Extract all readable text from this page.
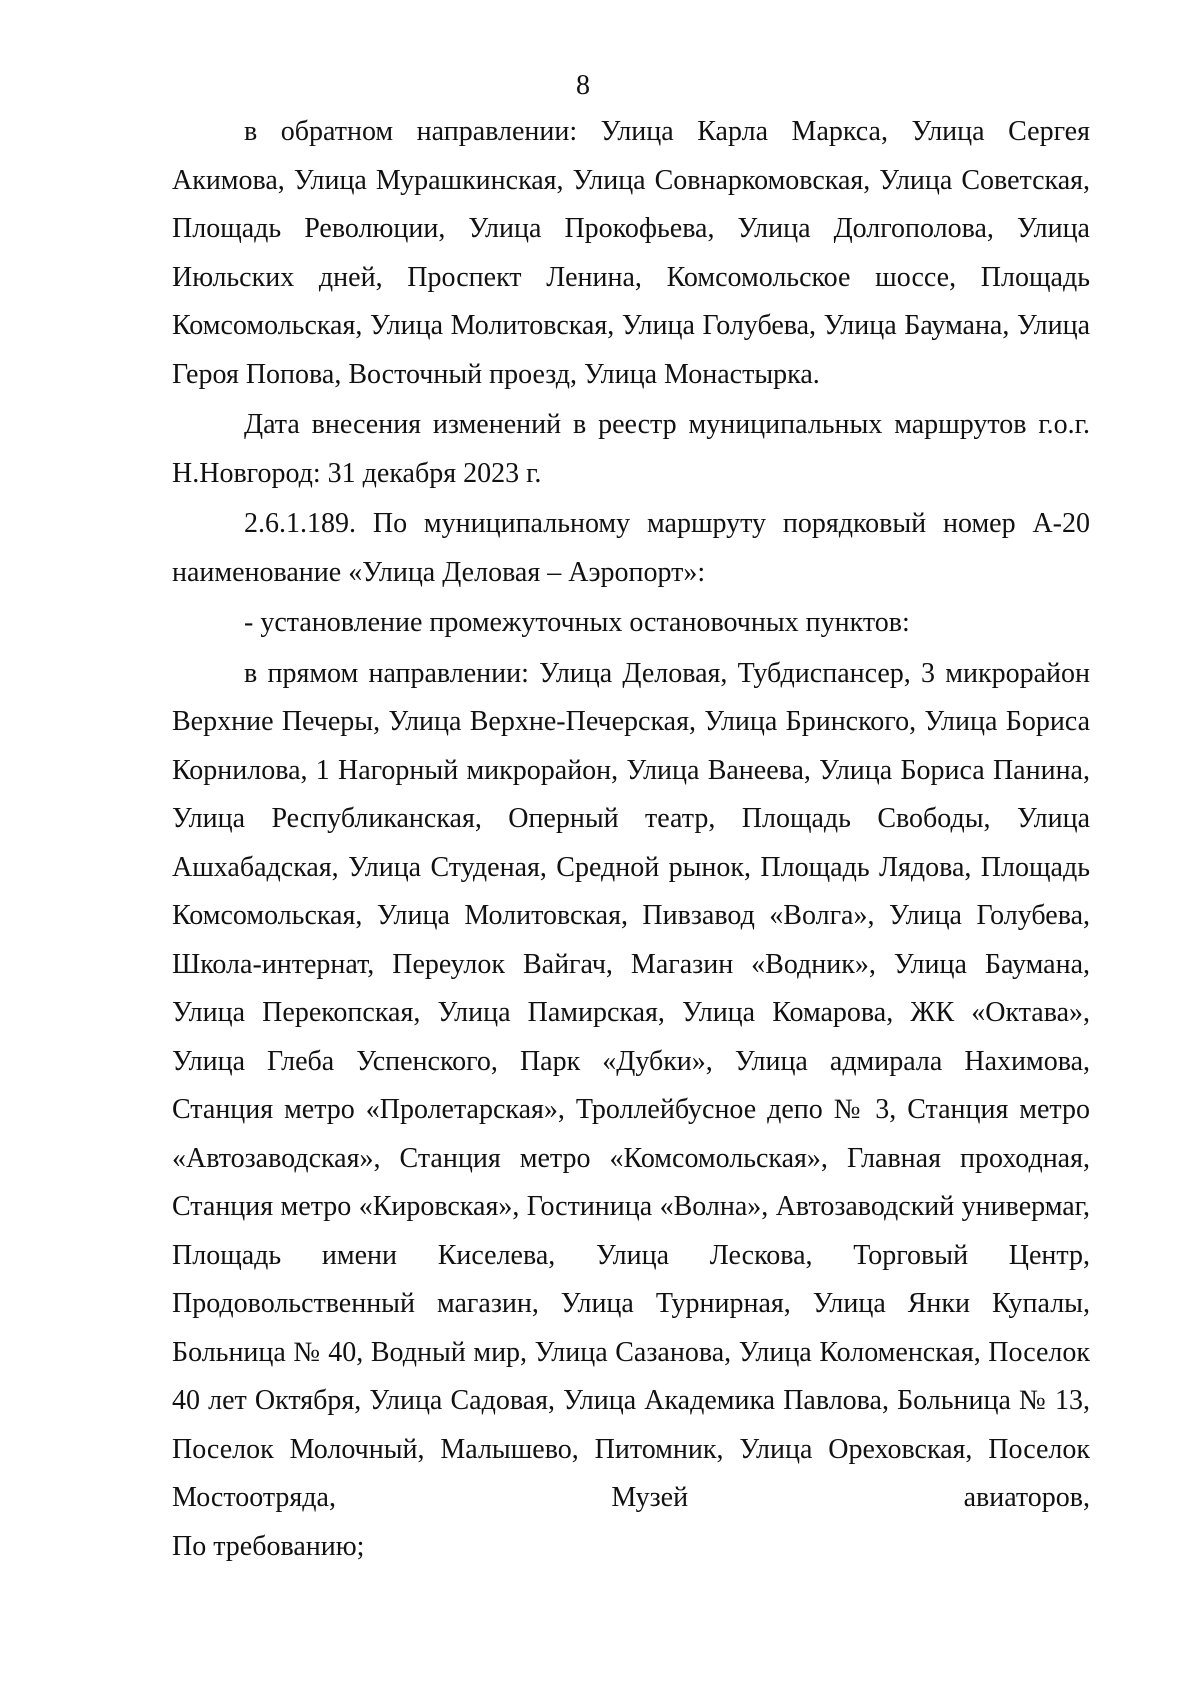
8

в обратном направлении: Улица Карла Маркса, Улица Сергея Акимова, Улица Мурашкинская, Улица Совнаркомовская, Улица Советская, Площадь Революции, Улица Прокофьева, Улица Долгополова, Улица Июльских дней, Проспект Ленина, Комсомольское шоссе, Площадь Комсомольская, Улица Молитовская, Улица Голубева, Улица Баумана, Улица Героя Попова, Восточный проезд, Улица Монастырка.

Дата внесения изменений в реестр муниципальных маршрутов г.о.г. Н.Новгород: 31 декабря 2023 г.

2.6.1.189. По муниципальному маршруту порядковый номер А-20 наименование «Улица Деловая – Аэропорт»:

- установление промежуточных остановочных пунктов:

в прямом направлении: Улица Деловая, Тубдиспансер, 3 микрорайон Верхние Печеры, Улица Верхне-Печерская, Улица Бринского, Улица Бориса Корнилова, 1 Нагорный микрорайон, Улица Ванеева, Улица Бориса Панина, Улица Республиканская, Оперный театр, Площадь Свободы, Улица Ашхабадская, Улица Студеная, Средной рынок, Площадь Лядова, Площадь Комсомольская, Улица Молитовская, Пивзавод «Волга», Улица Голубева, Школа-интернат, Переулок Вайгач, Магазин «Водник», Улица Баумана, Улица Перекопская, Улица Памирская, Улица Комарова, ЖК «Октава», Улица Глеба Успенского, Парк «Дубки», Улица адмирала Нахимова, Станция метро «Пролетарская», Троллейбусное депо № 3, Станция метро «Автозаводская», Станция метро «Комсомольская», Главная проходная, Станция метро «Кировская», Гостиница «Волна», Автозаводский универмаг, Площадь имени Киселева, Улица Лескова, Торговый Центр, Продовольственный магазин, Улица Турнирная, Улица Янки Купалы, Больница № 40, Водный мир, Улица Сазанова, Улица Коломенская, Поселок 40 лет Октября, Улица Садовая, Улица Академика Павлова, Больница № 13, Поселок Молочный, Малышево, Питомник, Улица Ореховская, Поселок Мостоотряда, Музей авиаторов,

По требованию;
